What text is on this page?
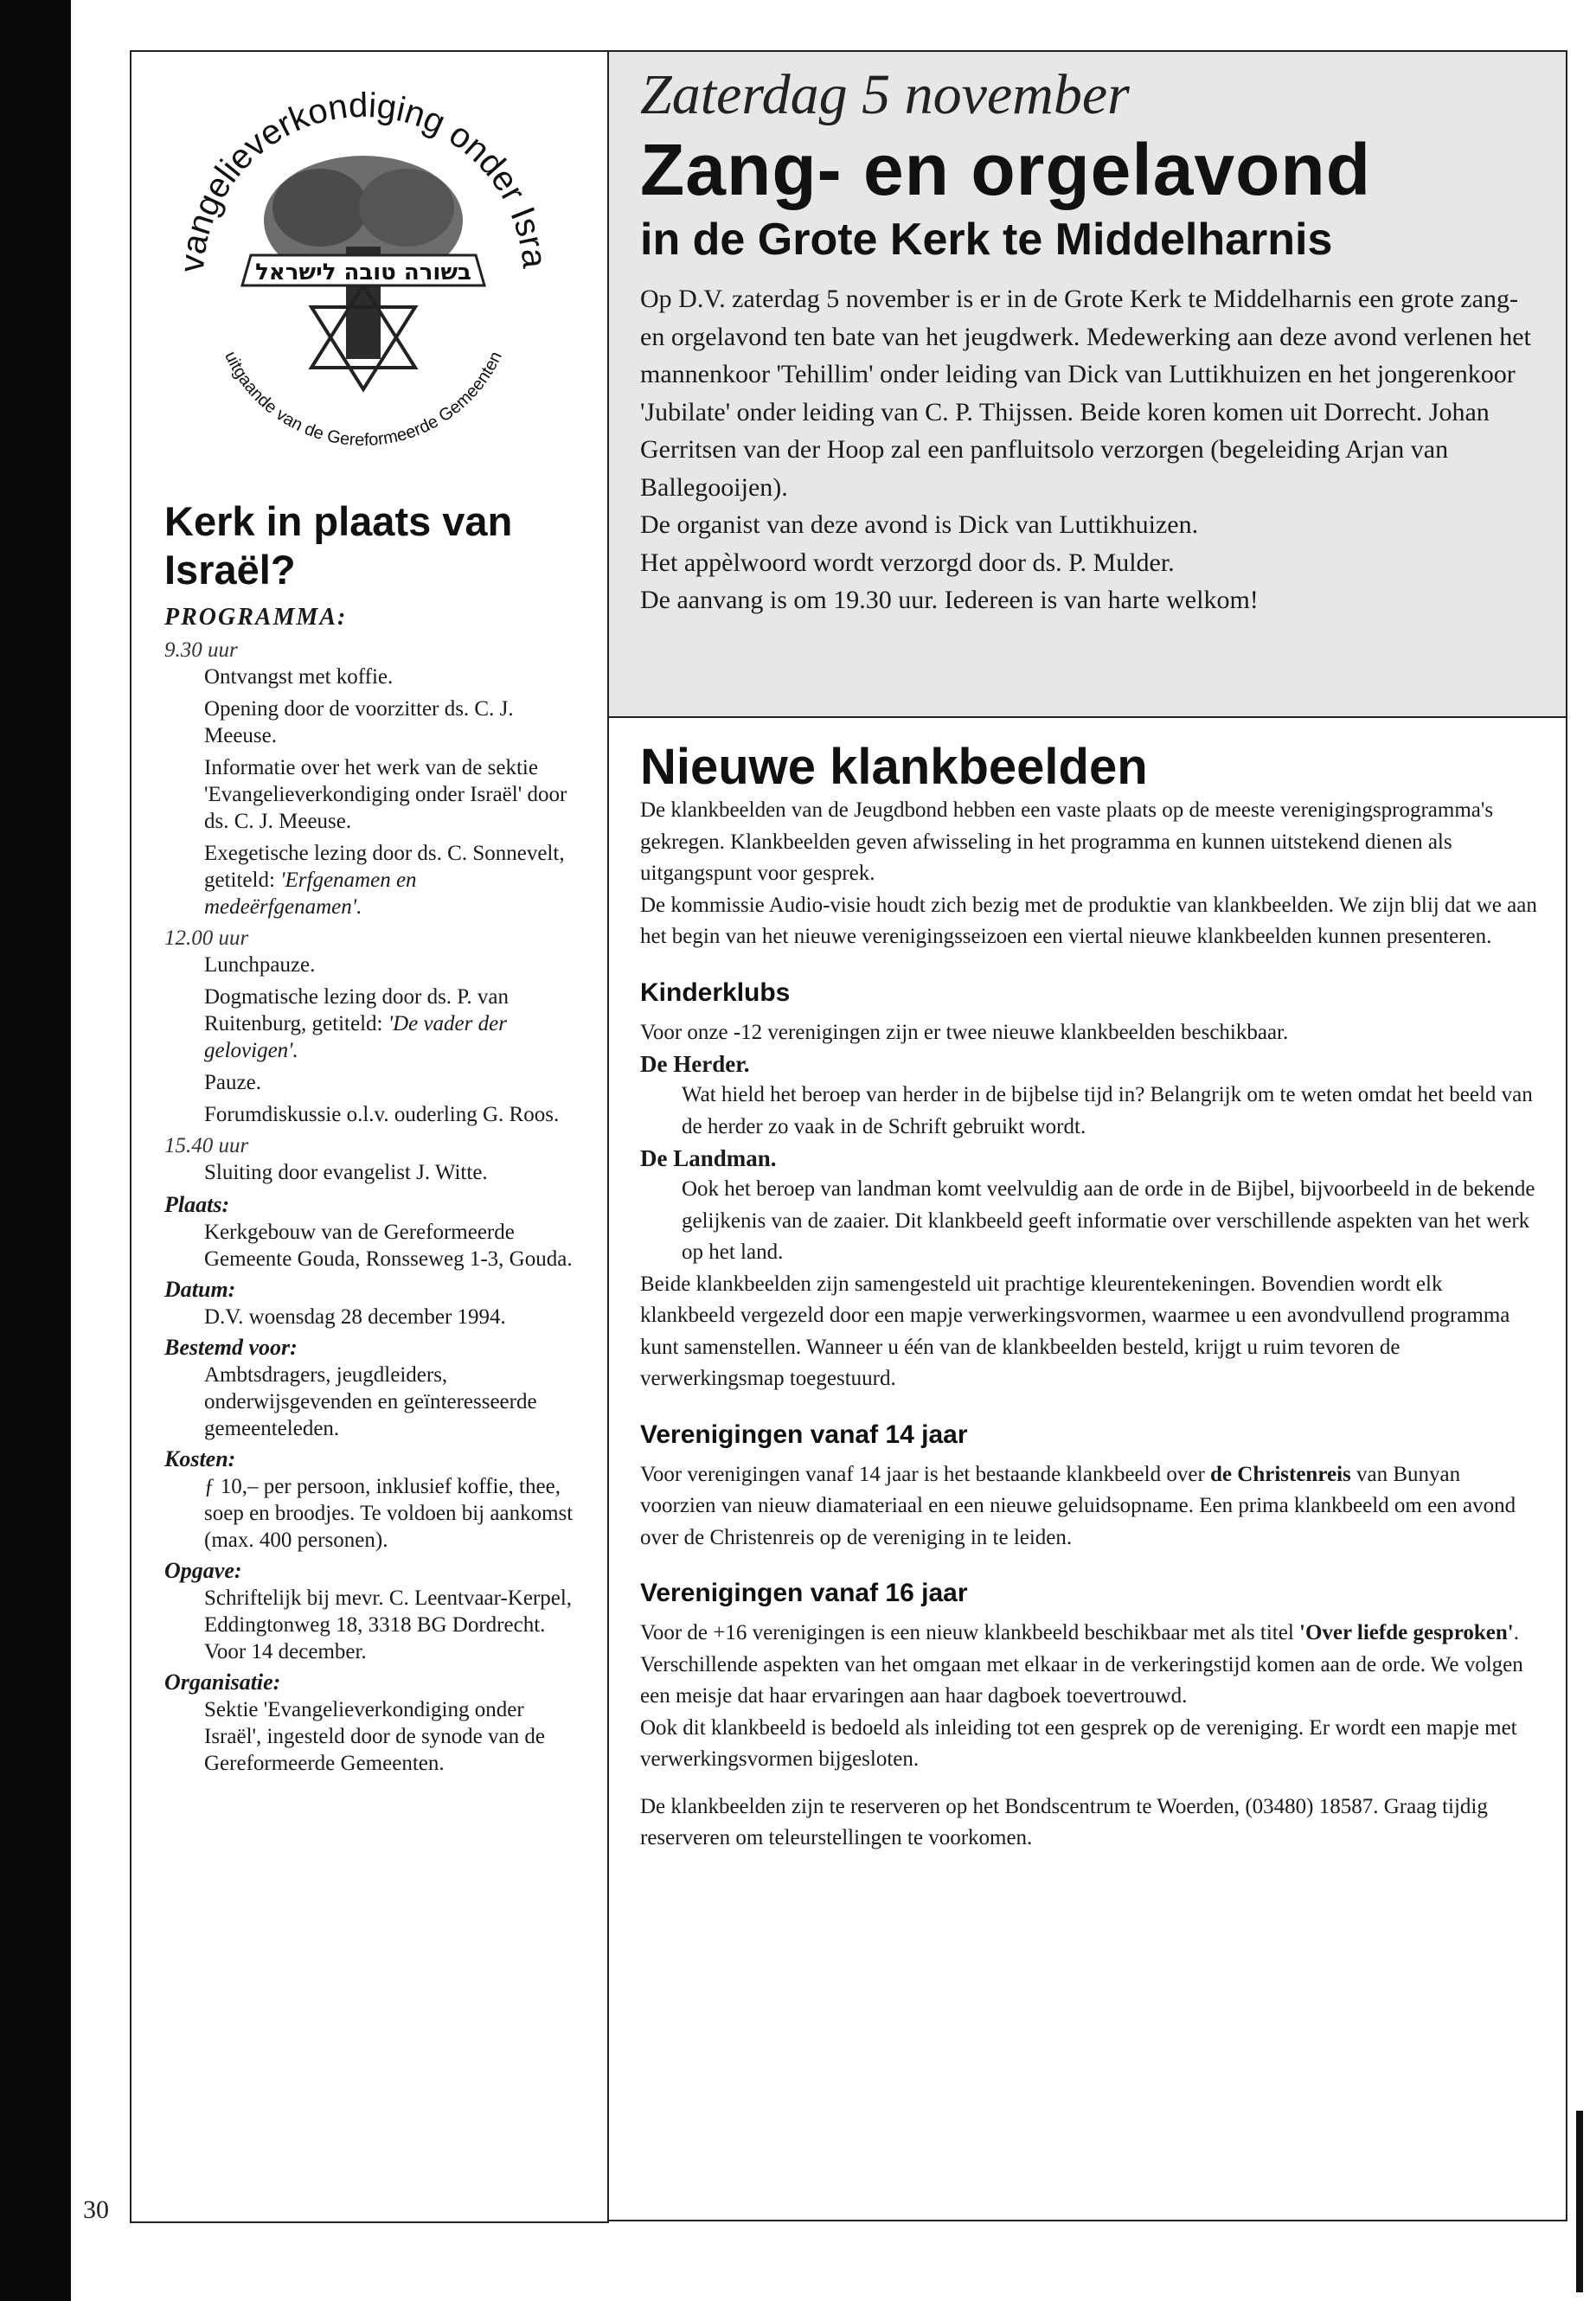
vangelieverkondiging onder Isra
uitgaande van de Gereformeerde Gemeenten
בשורה טובה לישראל
Kerk in plaats van Israël?
PROGRAMMA:
9.30 uur
Ontvangst met koffie.
Opening door de voorzitter ds. C. J. Meeuse.
Informatie over het werk van de sektie 'Evangelieverkondiging onder Israël' door ds. C. J. Meeuse.
Exegetische lezing door ds. C. Sonnevelt, getiteld: 'Erfgenamen en medeërfgenamen'.
12.00 uur
Lunchpauze.
Dogmatische lezing door ds. P. van Ruitenburg, getiteld: 'De vader der gelovigen'.
Pauze.
Forumdiskussie o.l.v. ouderling G. Roos.
15.40 uur
Sluiting door evangelist J. Witte.
Plaats:
Kerkgebouw van de Gereformeerde Gemeente Gouda, Ronsseweg 1-3, Gouda.
Datum:
D.V. woensdag 28 december 1994.
Bestemd voor:
Ambtsdragers, jeugdleiders, onderwijsgevenden en geïnteresseerde gemeenteleden.
Kosten:
ƒ 10,– per persoon, inklusief koffie, thee, soep en broodjes. Te voldoen bij aankomst (max. 400 personen).
Opgave:
Schriftelijk bij mevr. C. Leentvaar-Kerpel, Eddingtonweg 18, 3318 BG Dordrecht. Voor 14 december.
Organisatie:
Sektie 'Evangelieverkondiging onder Israël', ingesteld door de synode van de Gereformeerde Gemeenten.
Zaterdag 5 november
Zang- en orgelavond
in de Grote Kerk te Middelharnis

Op D.V. zaterdag 5 november is er in de Grote Kerk te Middelharnis een grote zang- en orgelavond ten bate van het jeugdwerk. Medewerking aan deze avond verlenen het mannenkoor 'Tehillim' onder leiding van Dick van Luttikhuizen en het jongerenkoor 'Jubilate' onder leiding van C. P. Thijssen. Beide koren komen uit Dorrecht. Johan Gerritsen van der Hoop zal een panfluitsolo verzorgen (begeleiding Arjan van Ballegooijen).

De organist van deze avond is Dick van Luttikhuizen.

Het appèlwoord wordt verzorgd door ds. P. Mulder.

De aanvang is om 19.30 uur. Iedereen is van harte welkom!

Nieuwe klankbeelden

De klankbeelden van de Jeugdbond hebben een vaste plaats op de meeste verenigingsprogramma's gekregen. Klankbeelden geven afwisseling in het programma en kunnen uitstekend dienen als uitgangspunt voor gesprek.

De kommissie Audio-visie houdt zich bezig met de produktie van klankbeelden. We zijn blij dat we aan het begin van het nieuwe verenigingsseizoen een viertal nieuwe klankbeelden kunnen presenteren.

Kinderklubs

Voor onze -12 verenigingen zijn er twee nieuwe klankbeelden beschikbaar.

De Herder.

Wat hield het beroep van herder in de bijbelse tijd in? Belangrijk om te weten omdat het beeld van de herder zo vaak in de Schrift gebruikt wordt.

De Landman.

Ook het beroep van landman komt veelvuldig aan de orde in de Bijbel, bijvoorbeeld in de bekende gelijkenis van de zaaier. Dit klankbeeld geeft informatie over verschillende aspekten van het werk op het land.

Beide klankbeelden zijn samengesteld uit prachtige kleurentekeningen. Bovendien wordt elk klankbeeld vergezeld door een mapje verwerkingsvormen, waarmee u een avondvullend programma kunt samenstellen. Wanneer u één van de klankbeelden besteld, krijgt u ruim tevoren de verwerkingsmap toegestuurd.

Verenigingen vanaf 14 jaar

Voor verenigingen vanaf 14 jaar is het bestaande klankbeeld over de Christenreis van Bunyan voorzien van nieuw diamateriaal en een nieuwe geluidsopname. Een prima klankbeeld om een avond over de Christenreis op de vereniging in te leiden.

Verenigingen vanaf 16 jaar

Voor de +16 verenigingen is een nieuw klankbeeld beschikbaar met als titel 'Over liefde gesproken'. Verschillende aspekten van het omgaan met elkaar in de verkeringstijd komen aan de orde. We volgen een meisje dat haar ervaringen aan haar dagboek toevertrouwd.

Ook dit klankbeeld is bedoeld als inleiding tot een gesprek op de vereniging. Er wordt een mapje met verwerkingsvormen bijgesloten.

De klankbeelden zijn te reserveren op het Bondscentrum te Woerden, (03480) 18587. Graag tijdig reserveren om teleurstellingen te voorkomen.

30
